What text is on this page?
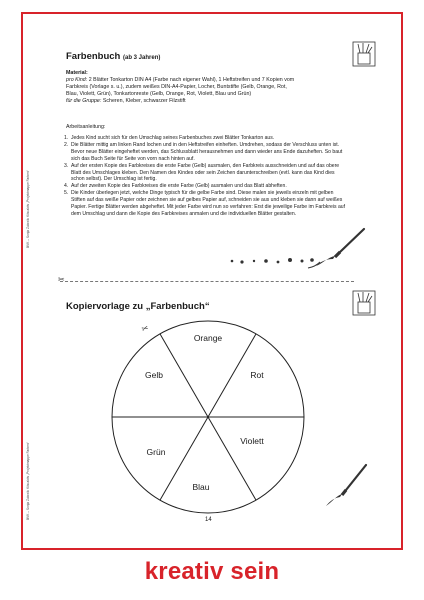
BVK – Sonja Zubrzik: Kita aktiv „Projektmappe Farben“
BVK – Sonja Zubrzik: Kita aktiv „Projektmappe Farben“
Farbenbuch (ab 3 Jahren)
Material:
pro Kind: 2 Blätter Tonkarton DIN A4 (Farbe nach eigener Wahl), 1 Heftstreifen und 7 Kopien vom
Farbkreis (Vorlage s. u.), zudem weißes DIN-A4-Papier, Locher, Buntstifte (Gelb, Orange, Rot,
Blau, Violett, Grün), Tonkartonreste (Gelb, Orange, Rot, Violett, Blau und Grün)
für die Gruppe: Scheren, Kleber, schwarzer Filzstift
Arbeitsanleitung:
1. Jedes Kind sucht sich für den Umschlag seines Farbenbuches zwei Blätter Tonkarton aus.
2. Die Blätter mittig am linken Rand lochen und in den Heftstreifen einheften. Umdrehen, sodass der Verschluss unten ist. Bevor neue Blätter eingeheftet werden, das Schlussblatt herausnehmen und dann wieder ans Ende dazuheften. So baut sich das Buch Seite für Seite von vorn nach hinten auf.
3. Auf der ersten Kopie des Farbkreises die erste Farbe (Gelb) ausmalen, den Farbkreis ausschneiden und auf das obere Blatt des Umschlages kleben. Den Namen des Kindes oder sein Zeichen darunterschreiben (evtl. kann das Kind dies schon selbst). Der Umschlag ist fertig.
4. Auf der zweiten Kopie des Farbkreises die erste Farbe (Gelb) ausmalen und das Blatt abheften.
5. Die Kinder überlegen jetzt, welche Dinge typisch für die gelbe Farbe sind. Diese malen sie jeweils einzeln mit gelben Stiften auf das weiße Papier oder zeichnen sie auf gelbes Papier auf, schneiden sie aus und kleben sie dann auf weißes Papier. Fertige Blätter werden abgeheftet. Mit jeder Farbe wird nun so verfahren: Erst die jeweilige Farbe im Farbkreis auf dem Umschlag und dann die Kopie des Farbkreises anmalen und die individuellen Blätter gestalten.
✂
Kopiervorlage zu „Farbenbuch“
✂
Orange
Rot
Violett
Blau
Grün
Gelb
14
kreativ sein
